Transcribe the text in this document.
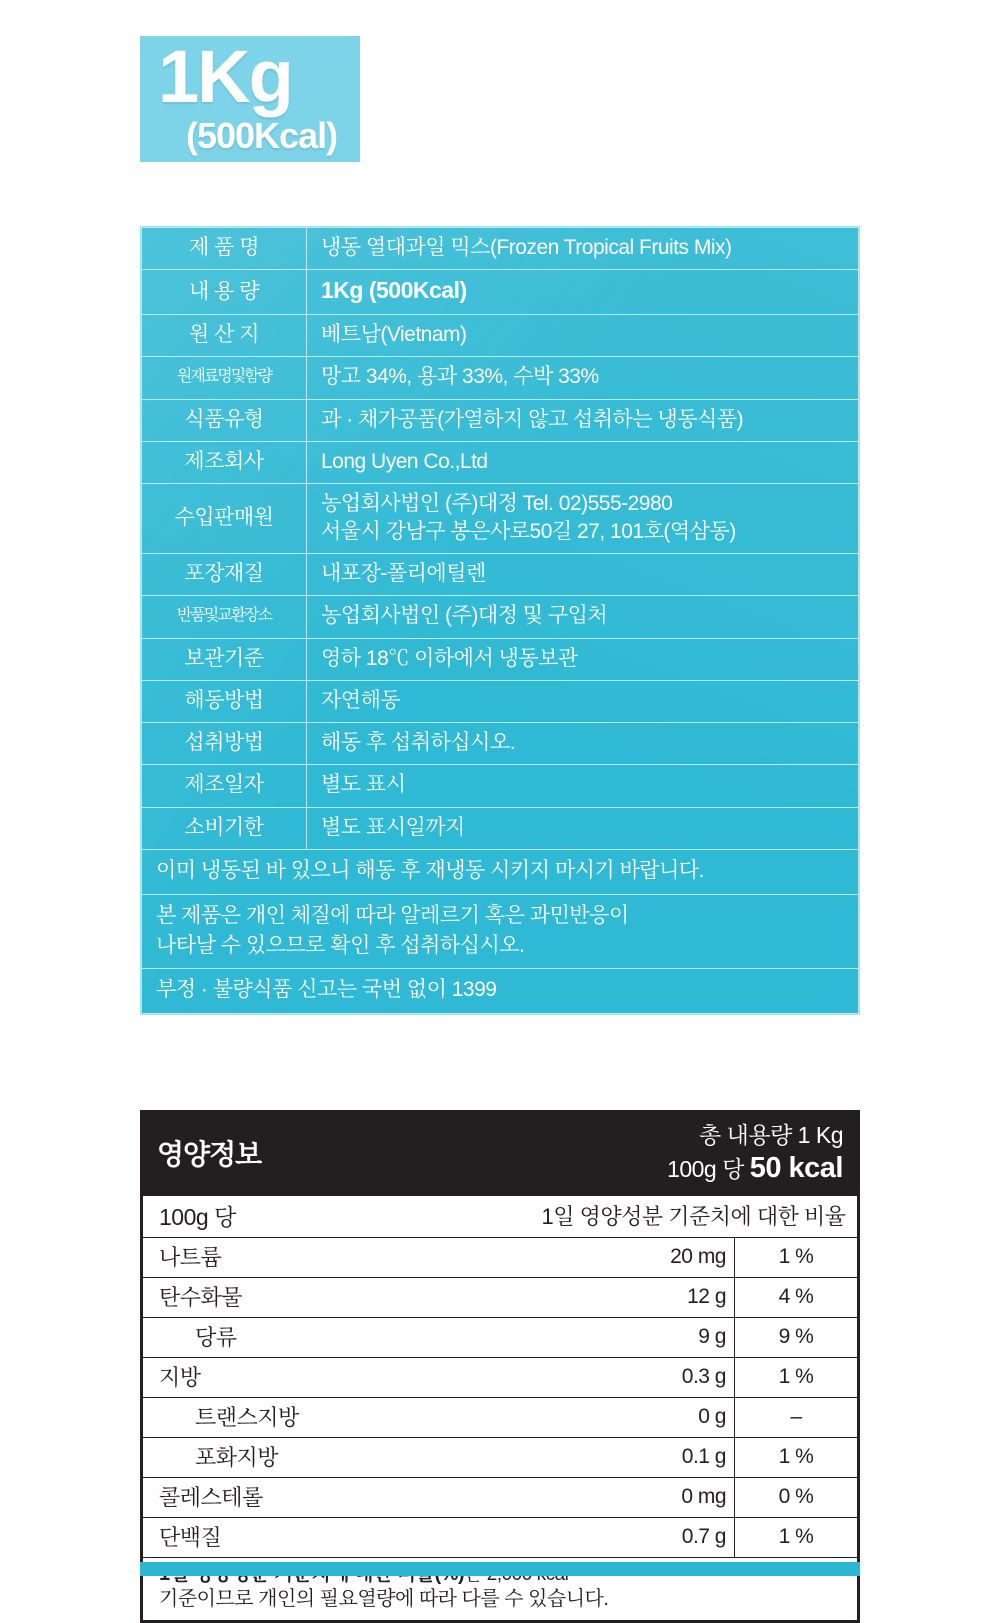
1Kg
(500Kcal)
제 품 명	냉동 열대과일 믹스(Frozen Tropical Fruits Mix)
내 용 량	1Kg (500Kcal)
원 산 지	베트남(Vietnam)
원재료명및함량	망고 34%, 용과 33%, 수박 33%
식품유형	과 · 채가공품(가열하지 않고 섭취하는 냉동식품)
제조회사	Long Uyen Co.,Ltd
수입판매원	농업회사법인 (주)대정 Tel. 02)555-2980
서울시 강남구 봉은사로50길 27, 101호(역삼동)

포장재질	내포장-폴리에틸렌
반품및교환장소	농업회사법인 (주)대정 및 구입처
보관기준	영하 18℃ 이하에서 냉동보관
해동방법	자연해동
섭취방법	해동 후 섭취하십시오.
제조일자	별도 표시
소비기한	별도 표시일까지
이미 냉동된 바 있으니 해동 후 재냉동 시키지 마시기 바랍니다.	

본 제품은 개인 체질에 따라 알레르기 혹은 과민반응이
나타날 수 있으므로 확인 후 섭취하십시오.	

부정 · 불량식품 신고는 국번 없이 1399	
영양정보
총 내용량 1 Kg
100g 당 50 kcal
100g 당	1일 영양성분 기준치에 대한 비율	
나트륨	20 mg	1 %
탄수화물	12 g	4 %
당류	9 g	9 %
지방	0.3 g	1 %
트랜스지방	0 g	–
포화지방	0.1 g	1 %
콜레스테롤	0 mg	0 %
단백질	0.7 g	1 %
기준이므로 개인의 필요열량에 따라 다를 수 있습니다.
